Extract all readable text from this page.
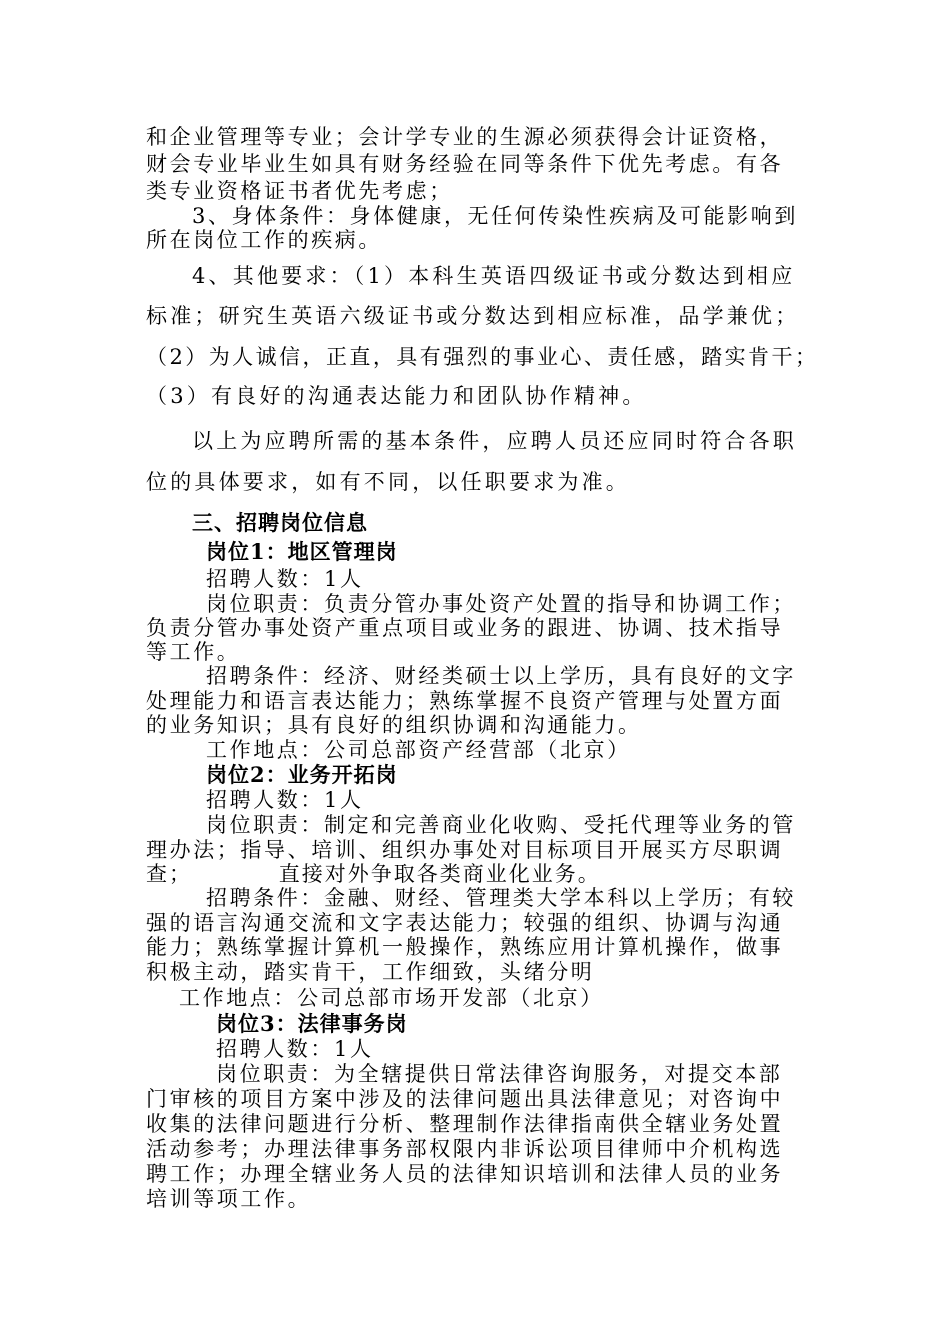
和企业管理等专业；会计学专业的生源必须获得会计证资格，

财会专业毕业生如具有财务经验在同等条件下优先考虑。有各

类专业资格证书者优先考虑；

3、身体条件：身体健康，无任何传染性疾病及可能影响到

所在岗位工作的疾病。

4、其他要求：（1）本科生英语四级证书或分数达到相应

标准；研究生英语六级证书或分数达到相应标准，品学兼优；

（2）为人诚信，正直，具有强烈的事业心、责任感，踏实肯干；

（3）有良好的沟通表达能力和团队协作精神。

以上为应聘所需的基本条件，应聘人员还应同时符合各职

位的具体要求，如有不同，以任职要求为准。

三、招聘岗位信息

岗位1：地区管理岗

招聘人数：1人

岗位职责：负责分管办事处资产处置的指导和协调工作；

负责分管办事处资产重点项目或业务的跟进、协调、技术指导

等工作。

招聘条件：经济、财经类硕士以上学历，具有良好的文字

处理能力和语言表达能力；熟练掌握不良资产管理与处置方面

的业务知识；具有良好的组织协调和沟通能力。

工作地点：公司总部资产经营部（北京）

岗位2：业务开拓岗

招聘人数：1人

岗位职责：制定和完善商业化收购、受托代理等业务的管

理办法；指导、培训、组织办事处对目标项目开展买方尽职调

查；          直接对外争取各类商业化业务。

招聘条件：金融、财经、管理类大学本科以上学历；有较

强的语言沟通交流和文字表达能力；较强的组织、协调与沟通

能力；熟练掌握计算机一般操作，熟练应用计算机操作，做事

积极主动，踏实肯干，工作细致，头绪分明

工作地点：公司总部市场开发部（北京）

岗位3：法律事务岗

招聘人数：1人

岗位职责：为全辖提供日常法律咨询服务，对提交本部

门审核的项目方案中涉及的法律问题出具法律意见；对咨询中

收集的法律问题进行分析、整理制作法律指南供全辖业务处置

活动参考；办理法律事务部权限内非诉讼项目律师中介机构选

聘工作；办理全辖业务人员的法律知识培训和法律人员的业务

培训等项工作。
